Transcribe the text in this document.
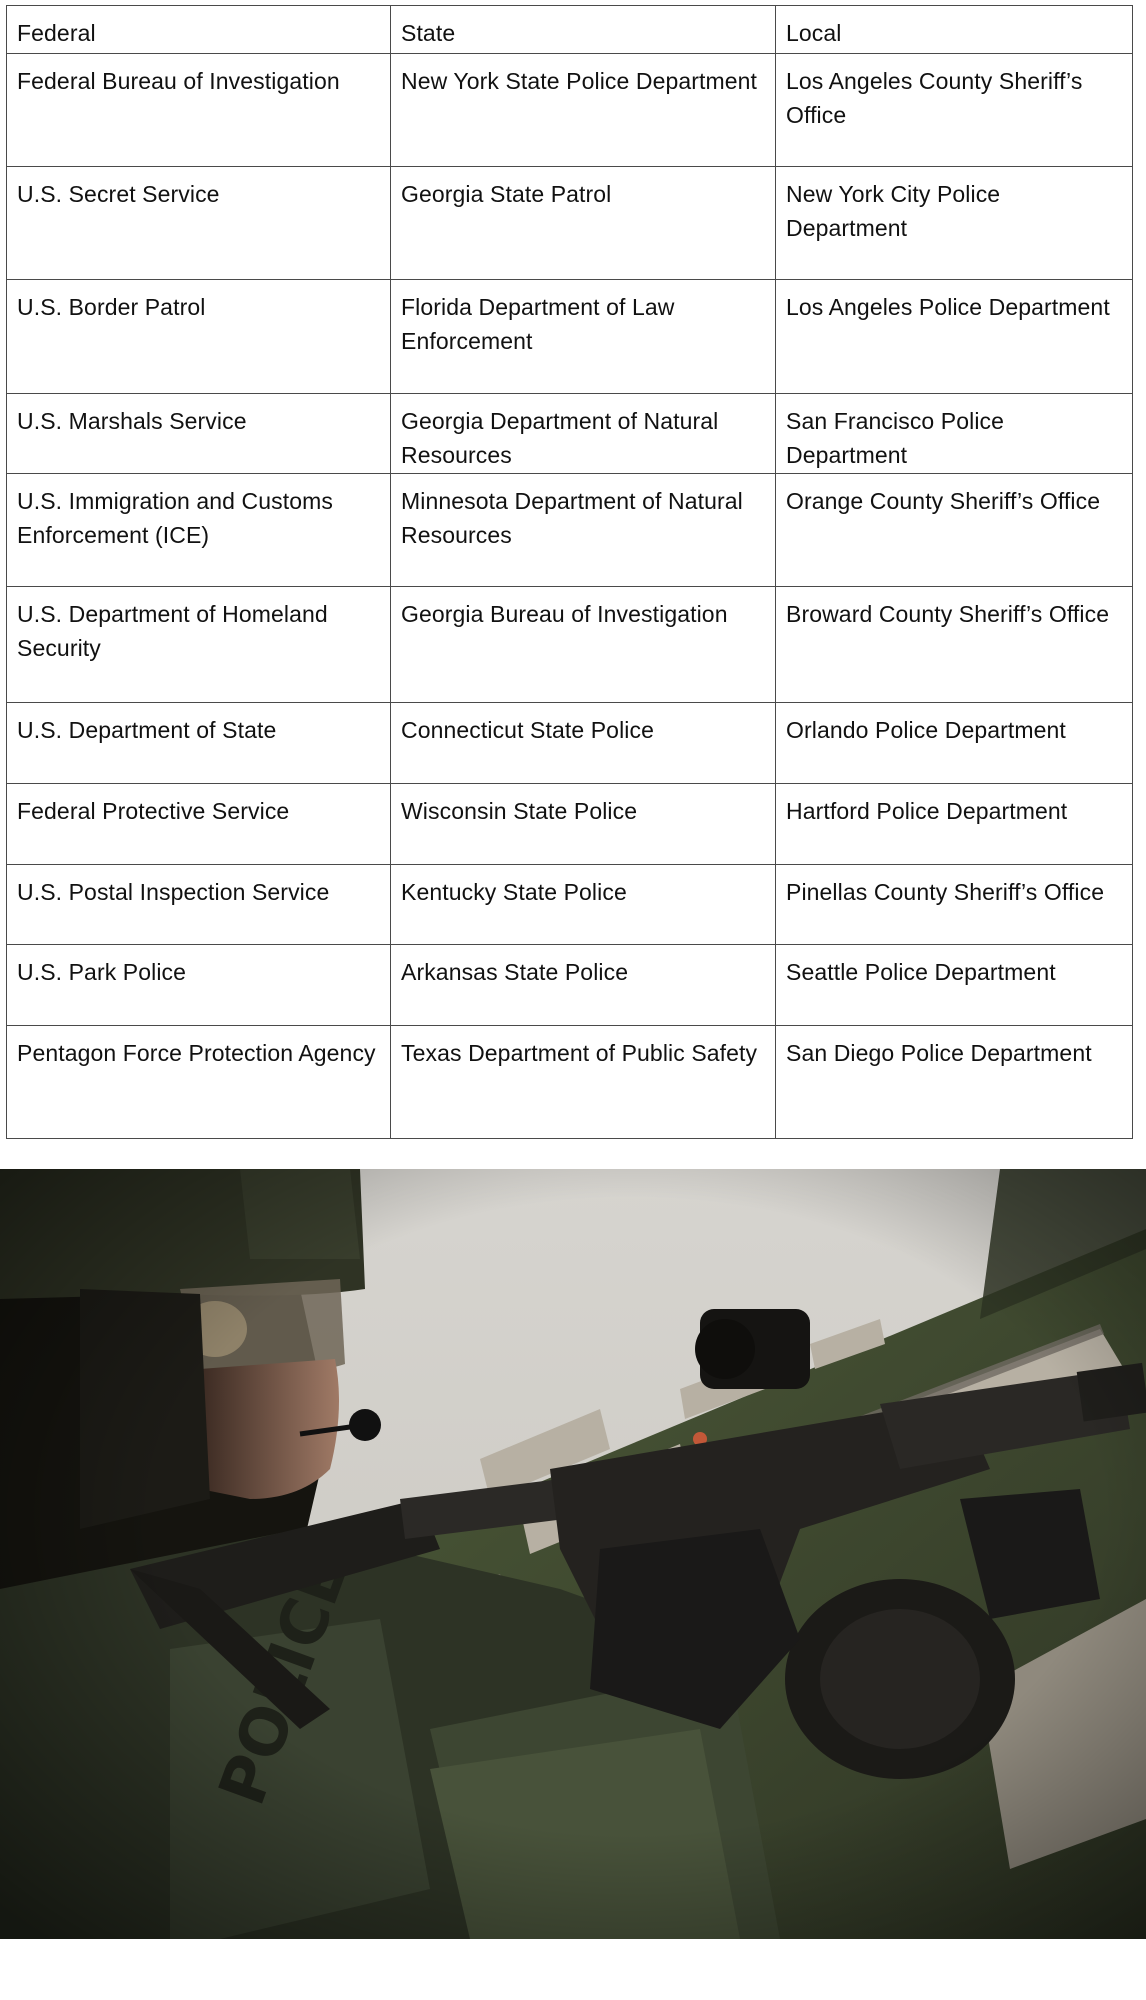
Federal	State	Local
Federal Bureau of Investigation	New York State Police Department	Los Angeles County Sheriff’s Office
U.S. Secret Service	Georgia State Patrol	New York City Police Department
U.S. Border Patrol	Florida Department of Law Enforcement	Los Angeles Police Department
U.S. Marshals Service	Georgia Department of Natural Resources	San Francisco Police Department
U.S. Immigration and Customs Enforcement (ICE)	Minnesota Department of Natural Resources	Orange County Sheriff’s Office
U.S. Department of Homeland Security	Georgia Bureau of Investigation	Broward County Sheriff’s Office
U.S. Department of State	Connecticut State Police	Orlando Police Department
Federal Protective Service	Wisconsin State Police	Hartford Police Department
U.S. Postal Inspection Service	Kentucky State Police	Pinellas County Sheriff’s Office
U.S. Park Police	Arkansas State Police	Seattle Police Department
Pentagon Force Protection Agency	Texas Department of Public Safety	San Diego Police Department
